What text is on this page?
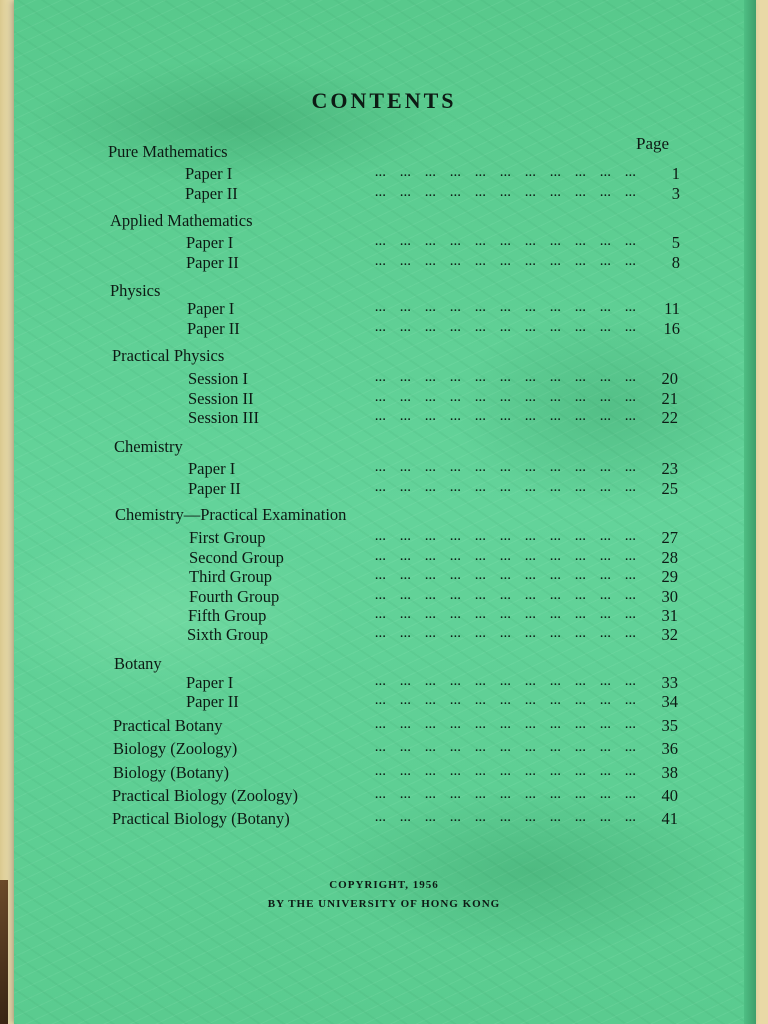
CONTENTS
Page
Pure Mathematics
Paper I	... ... ... ... ... ... ... ... ... ... ...	1
Paper II	... ... ... ... ... ... ... ... ... ... ...	3
Applied Mathematics
Paper I	... ... ... ... ... ... ... ... ... ... ...	5
Paper II	... ... ... ... ... ... ... ... ... ... ...	8
Physics
Paper I	... ... ... ... ... ... ... ... ... ... ...	11
Paper II	... ... ... ... ... ... ... ... ... ... ...	16
Practical Physics
Session I	... ... ... ... ... ... ... ... ... ... ...	20
Session II	... ... ... ... ... ... ... ... ... ... ...	21
Session III	... ... ... ... ... ... ... ... ... ... ...	22
Chemistry
Paper I	... ... ... ... ... ... ... ... ... ... ...	23
Paper II	... ... ... ... ... ... ... ... ... ... ...	25
Chemistry—Practical Examination
First Group	... ... ... ... ... ... ... ... ... ... ...	27
Second Group	... ... ... ... ... ... ... ... ... ... ...	28
Third Group	... ... ... ... ... ... ... ... ... ... ...	29
Fourth Group	... ... ... ... ... ... ... ... ... ... ...	30
Fifth Group	... ... ... ... ... ... ... ... ... ... ...	31
Sixth Group	... ... ... ... ... ... ... ... ... ... ...	32
Botany
Paper I	... ... ... ... ... ... ... ... ... ... ...	33
Paper II	... ... ... ... ... ... ... ... ... ... ...	34
Practical Botany	... ... ... ... ... ... ... ... ... ... ...	35
Biology (Zoology)	... ... ... ... ... ... ... ... ... ... ...	36
Biology (Botany)	... ... ... ... ... ... ... ... ... ... ...	38
Practical Biology (Zoology)	... ... ... ... ... ... ... ... ... ... ...	40
Practical Biology (Botany)	... ... ... ... ... ... ... ... ... ... ...	41
COPYRIGHT, 1956
BY THE UNIVERSITY OF HONG KONG
